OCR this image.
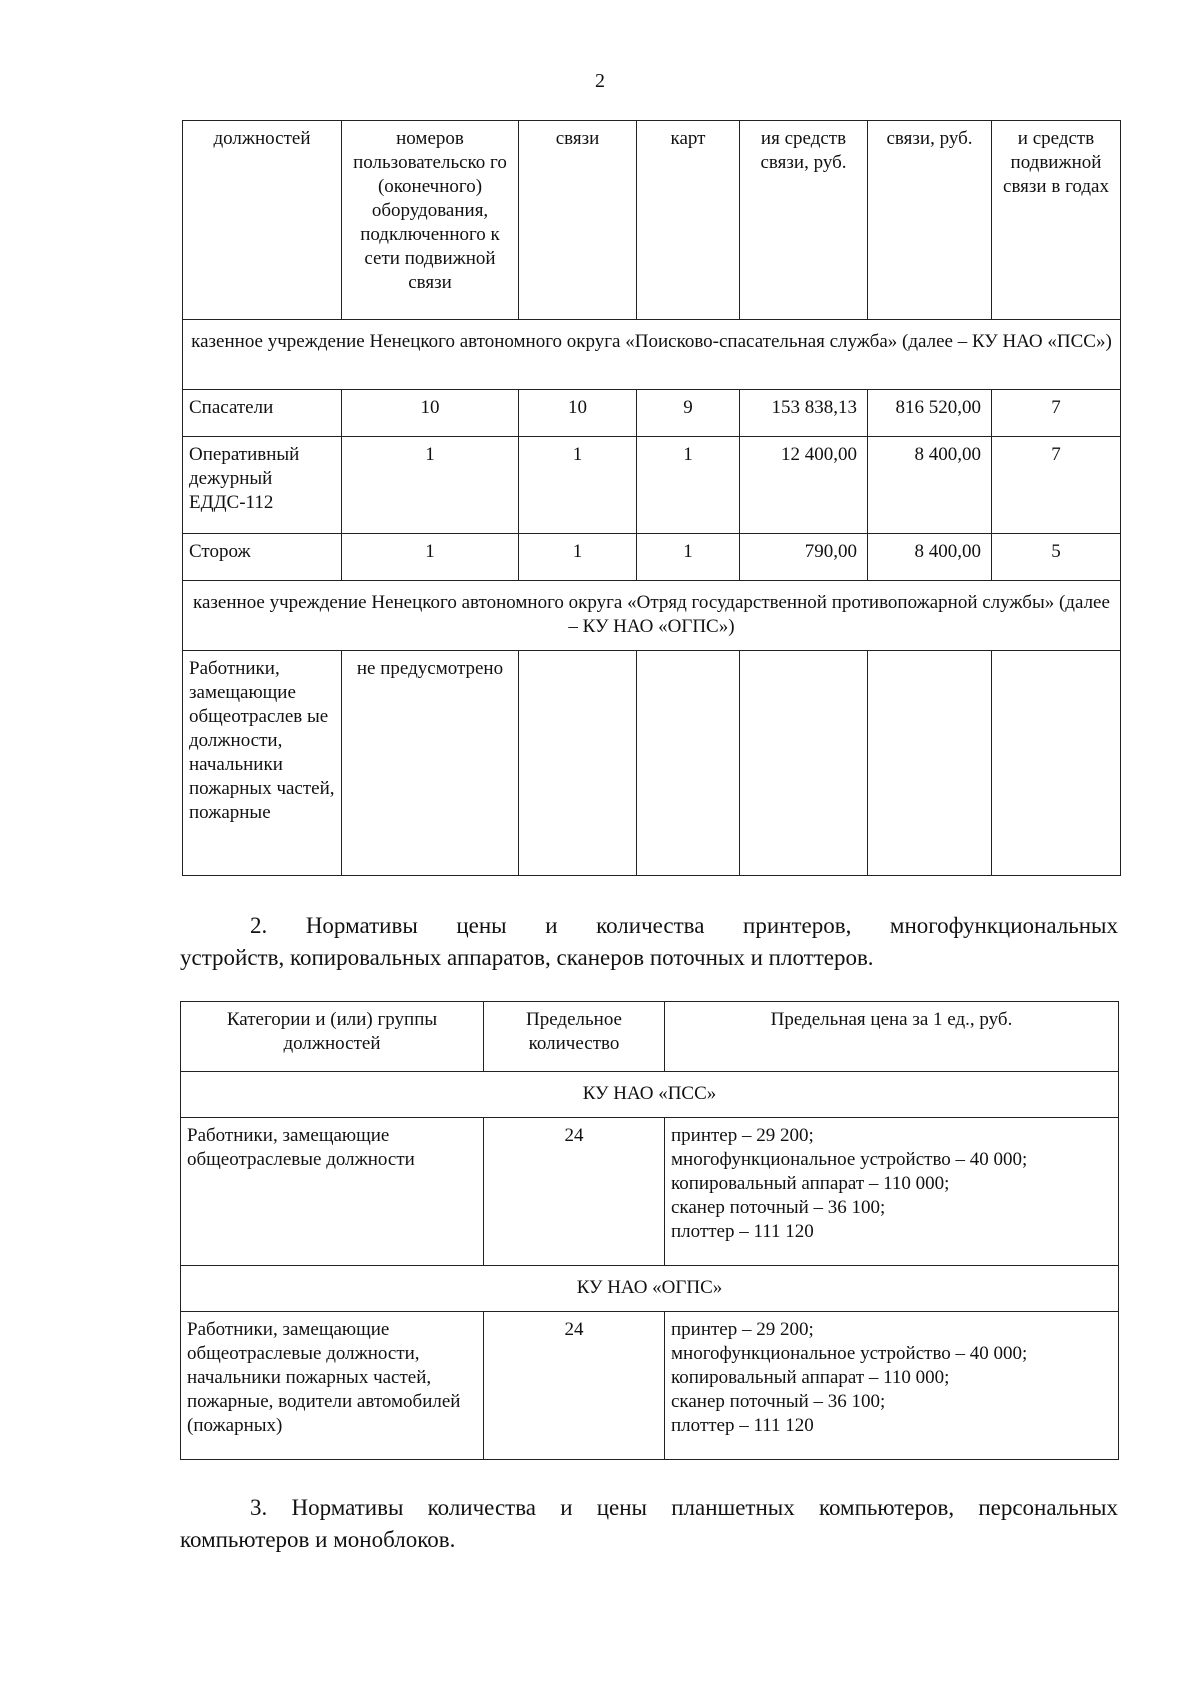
2
должностей	номеров пользовательско го (оконечного) оборудования, подключенного к сети подвижной связи	связи	карт	ия средств связи, руб.	связи, руб.	и средств подвижной связи в годах
казенное учреждение Ненецкого автономного округа «Поисково-спасательная служба» (далее – КУ НАО «ПСС»)						
Спасатели	10	10	9	153 838,13	816 520,00	7
Оперативный дежурный ЕДДС-112	1	1	1	12 400,00	8 400,00	7
Сторож	1	1	1	790,00	8 400,00	5
казенное учреждение Ненецкого автономного округа «Отряд государственной противопожарной службы» (далее – КУ НАО «ОГПС»)						
Работники, замещающие общеотраслев ые должности, начальники пожарных частей, пожарные	не предусмотрено					
2. Нормативы цены и количества принтеров, многофункциональных
устройств, копировальных аппаратов, сканеров поточных и плоттеров.
Категории и (или) группы должностей	Предельное количество	Предельная цена за 1 ед., руб.
КУ НАО «ПСС»		
Работники, замещающие общеотраслевые должности	24	принтер – 29 200;
многофункциональное устройство – 40 000;
копировальный аппарат – 110 000;
сканер поточный – 36 100;
плоттер – 111 120

КУ НАО «ОГПС»		
Работники, замещающие общеотраслевые должности, начальники пожарных частей, пожарные, водители автомобилей (пожарных)	24	принтер – 29 200;
многофункциональное устройство – 40 000;
копировальный аппарат – 110 000;
сканер поточный – 36 100;
плоттер – 111 120
3. Нормативы количества и цены планшетных компьютеров, персональных
компьютеров и моноблоков.
